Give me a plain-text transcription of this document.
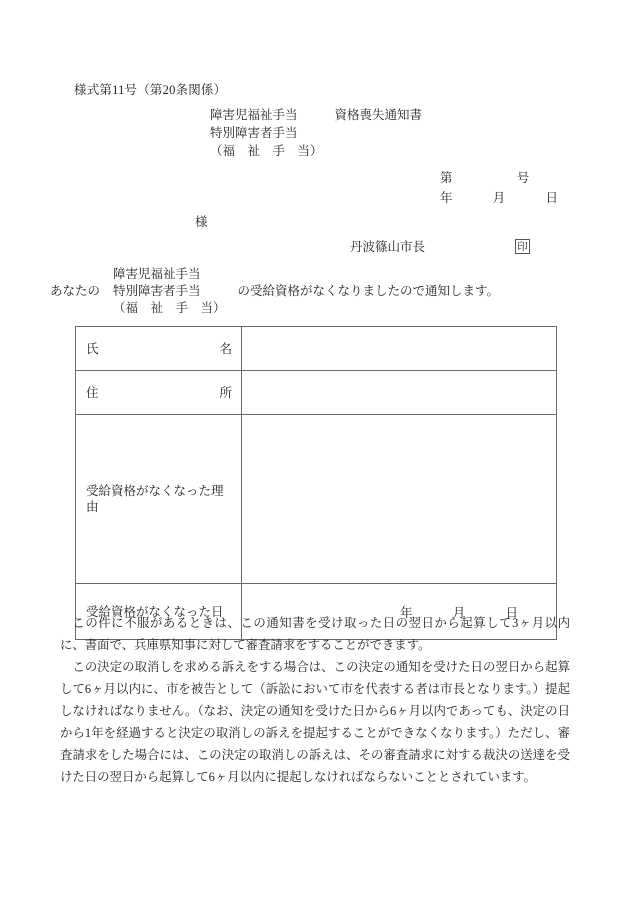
様式第11号（第20条関係）
障害児福祉手当
特別障害者手当
（福　祉　手　当）
資格喪失通知書
第	号
年	月	日
様
丹波篠山市長	印
あなたの
障害児福祉手当
特別障害者手当
（福　祉　手　当）
の受給資格がなくなりましたので通知します。
氏 名	

住 所	

受給資格がなくなった理由	
受給資格がなくなった日	年 月 日

この件に不服があるときは、この通知書を受け取った日の翌日から起算して3ヶ月以内に、書面で、兵庫県知事に対して審査請求をすることができます。

この決定の取消しを求める訴えをする場合は、この決定の通知を受けた日の翌日から起算して6ヶ月以内に、市を被告として（訴訟において市を代表する者は市長となります。）提起しなければなりません。（なお、決定の通知を受けた日から6ヶ月以内であっても、決定の日から1年を経過すると決定の取消しの訴えを提起することができなくなります。）ただし、審査請求をした場合には、この決定の取消しの訴えは、その審査請求に対する裁決の送達を受けた日の翌日から起算して6ヶ月以内に提起しなければならないこととされています。
